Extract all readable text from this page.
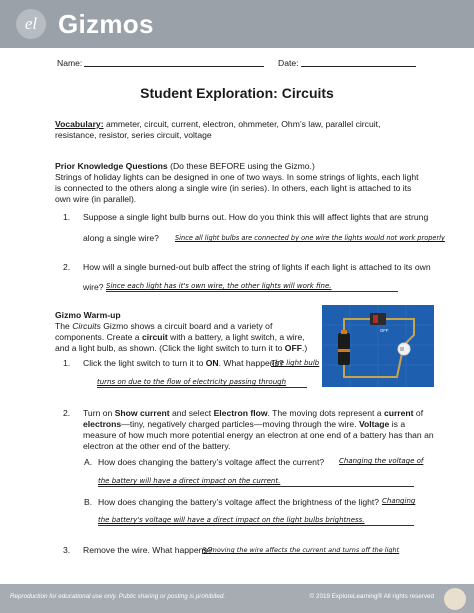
el Gizmos
Name:	Date:
Student Exploration: Circuits
Vocabulary: ammeter, circuit, current, electron, ohmmeter, Ohm’s law, parallel circuit,
resistance, resistor, series circuit, voltage
Prior Knowledge Questions (Do these BEFORE using the Gizmo.)
Strings of holiday lights can be designed in one of two ways. In some strings of lights, each light
is connected to the others along a single wire (in series). In others, each light is attached to its
own wire (in parallel).
1. Suppose a single light bulb burns out. How do you think this will affect lights that are strung
along a single wire? Since all light bulbs are connected by one wire the lights would not work properly
2. How will a single burned-out bulb affect the string of lights if each light is attached to its own
wire? Since each light has it's own wire, the other lights will work fine.
Gizmo Warm-up
The Circuits Gizmo shows a circuit board and a variety of
components. Create a circuit with a battery, a light switch, a wire,
and a light bulb, as shown. (Click the light switch to turn it to OFF.)
OFF
1. Click the light switch to turn it to ON. What happens?
The light bulb
turns on due to the flow of electricity passing through
2. Turn on Show current and select Electron flow. The moving dots represent a current of
electrons—tiny, negatively charged particles—moving through the wire. Voltage is a
measure of how much more potential energy an electron at one end of a battery has than an
electron at the other end of the battery.
A. How does changing the battery’s voltage affect the current? Changing the voltage of
the battery will have a direct impact on the current.
B. How does changing the battery’s voltage affect the brightness of the light? Changing
the battery's voltage will have a direct impact on the light bulbs brightness.
3. Remove the wire. What happens?
Removing the wire affects the current and turns off the light
Reproduction for educational use only. Public sharing or posting is prohibited.	© 2019 ExploreLearning® All rights reserved
